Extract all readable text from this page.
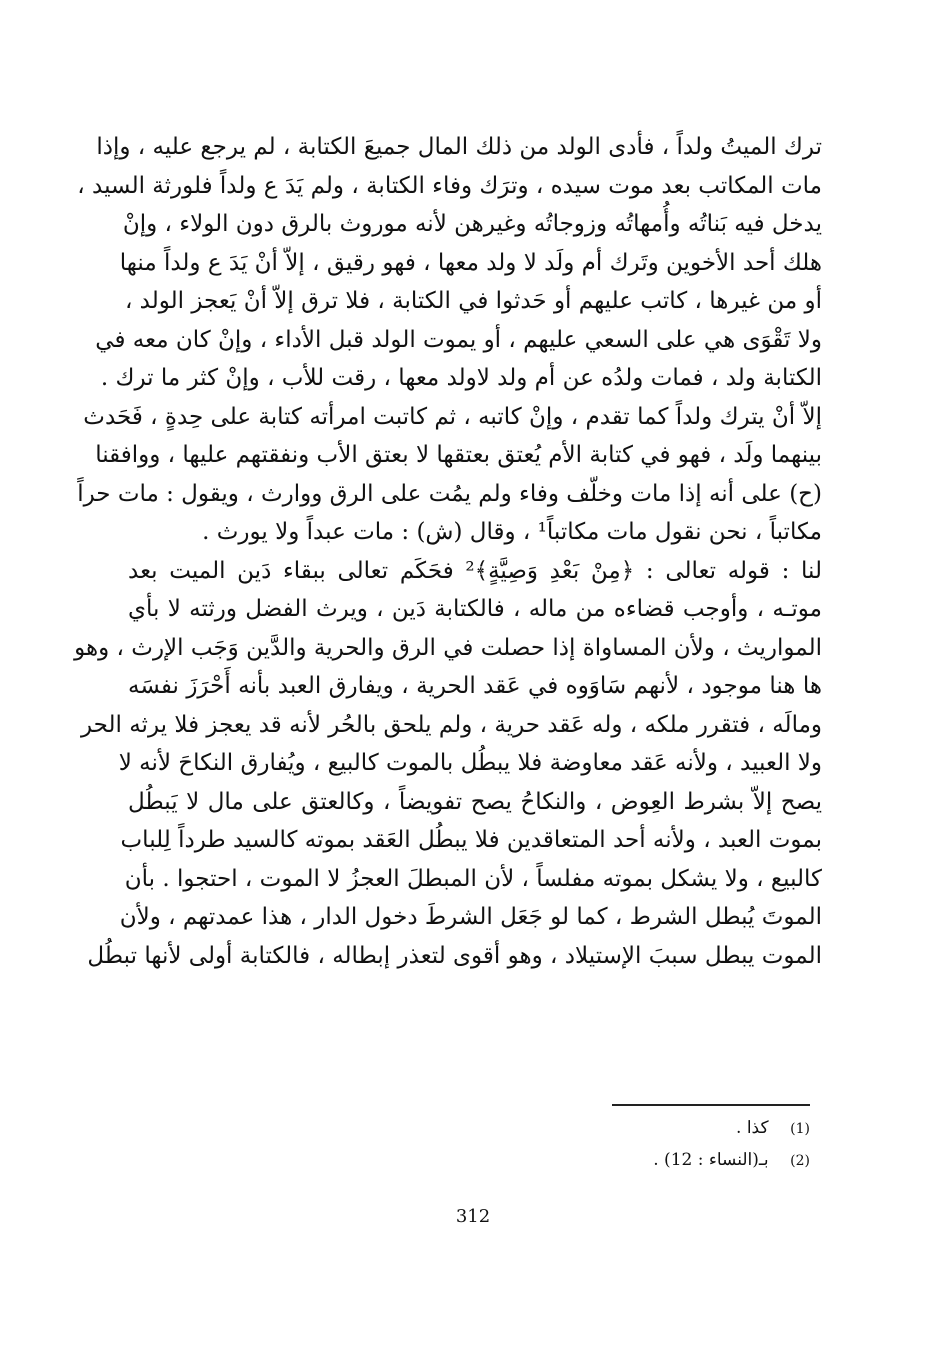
ترك الميتُ ولداً ، فأدى الولد من ذلك المال جميعَ الكتابة ، لم يرجع عليه ، وإذا
مات المكاتب بعد موت سيده ، وترَك وفاء الكتابة ، ولم يَدَ ع ولداً فلورثة السيد ،
يدخل فيه بَناتُه وأُمهاتُه وزوجاتُه وغيرهن لأنه موروث بالرق دون الولاء ، وإنْ
هلك أحد الأخوين وتَرك أم ولَد لا ولد معها ، فهو رقيق ، إلاّ أنْ يَدَ ع ولداً منها
أو من غيرها ، كاتب عليهم أو حَدثوا في الكتابة ، فلا ترق إلاّ أنْ يَعجز الولد ،
ولا تَقْوَى هي على السعي عليهم ، أو يموت الولد قبل الأداء ، وإنْ كان معه في
الكتابة ولد ، فمات ولدُه عن أم ولد لاولد معها ، رقت للأب ، وإنْ كثر ما ترك .
إلاّ أنْ يترك ولداً كما تقدم ، وإنْ كاتبه ، ثم كاتبت امرأته كتابة على حِدةٍ ، فَحَدث
بينهما ولَد ، فهو في كتابة الأم يُعتق بعتقها لا بعتق الأب ونفقتهم عليها ، ووافقنا
(ح) على أنه إذا مات وخلّف وفاء ولم يمُت على الرق ووارث ، ويقول : مات حراً
مكاتباً ، نحن نقول مات مكاتباً¹ ، وقال (ش) : مات عبداً ولا يورث .
لنا : قوله تعالى : ﴿مِنْ بَعْدِ وَصِيَّةٍ﴾² فحَكَم تعالى ببقاء دَين الميت بعد
موتـه ، وأوجب قضاءه من ماله ، فالكتابة دَين ، ويرث الفضل ورثته لا بأي
المواريث ، ولأن المساواة إذا حصلت في الرق والحرية والدَّين وَجَب الإرث ، وهو
ها هنا موجود ، لأنهم سَاوَوه في عَقد الحرية ، ويفارق العبد بأنه أَحْرَزَ نفسَه
ومالَه ، فتقرر ملكه ، وله عَقد حرية ، ولم يلحق بالحُر لأنه قد يعجز فلا يرثه الحر
ولا العبيد ، ولأنه عَقد معاوضة فلا يبطُل بالموت كالبيع ، ويُفارق النكاحَ لأنه لا
يصح إلاّ بشرط العِوض ، والنكاحُ يصح تفويضاً ، وكالعتق على مال لا يَبطُل
بموت العبد ، ولأنه أحد المتعاقدين فلا يبطُل العَقد بموته كالسيد طرداً لِلباب
كالبيع ، ولا يشكل بموته مفلساً ، لأن المبطلَ العجزُ لا الموت ، احتجوا . بأن
الموتَ يُبطل الشرط ، كما لو جَعَل الشرطَ دخول الدار ، هذا عمدتهم ، ولأن
الموت يبطل سببَ الإستيلاد ، وهو أقوى لتعذر إبطاله ، فالكتابة أولى لأنها تبطُل
(1) كذا .
(2) بـ(النساء : 12) .
312
